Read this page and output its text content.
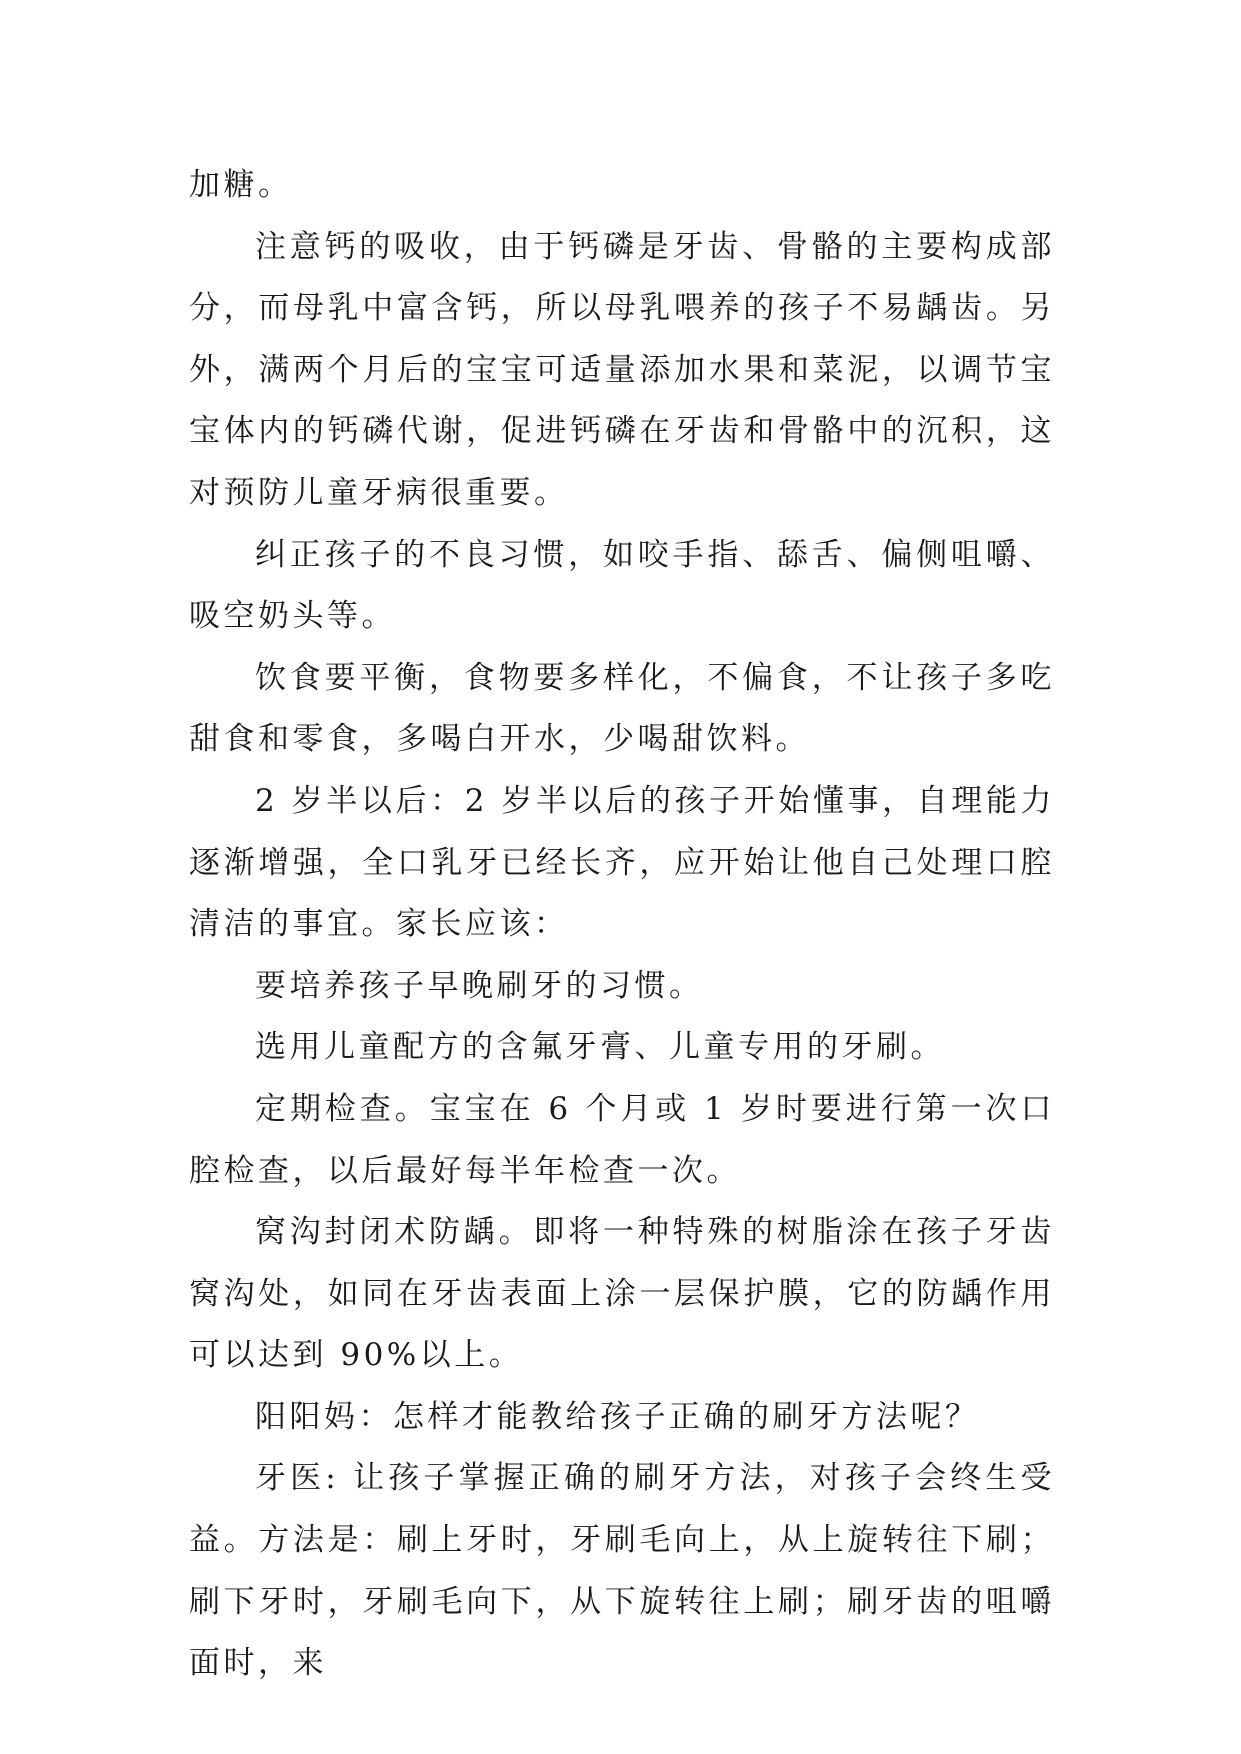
加糖。

注意钙的吸收，由于钙磷是牙齿、骨骼的主要构成部分，而母乳中富含钙，所以母乳喂养的孩子不易龋齿。另外，满两个月后的宝宝可适量添加水果和菜泥，以调节宝宝体内的钙磷代谢，促进钙磷在牙齿和骨骼中的沉积，这对预防儿童牙病很重要。

纠正孩子的不良习惯，如咬手指、舔舌、偏侧咀嚼、吸空奶头等。

饮食要平衡，食物要多样化，不偏食，不让孩子多吃甜食和零食，多喝白开水，少喝甜饮料。

2 岁半以后：2 岁半以后的孩子开始懂事，自理能力逐渐增强，全口乳牙已经长齐，应开始让他自己处理口腔清洁的事宜。家长应该：

要培养孩子早晚刷牙的习惯。

选用儿童配方的含氟牙膏、儿童专用的牙刷。

定期检查。宝宝在 6 个月或 1 岁时要进行第一次口腔检查，以后最好每半年检查一次。

窝沟封闭术防龋。即将一种特殊的树脂涂在孩子牙齿窝沟处，如同在牙齿表面上涂一层保护膜，它的防龋作用可以达到 90%以上。

阳阳妈：怎样才能教给孩子正确的刷牙方法呢？

牙医: 让孩子掌握正确的刷牙方法，对孩子会终生受益。方法是：刷上牙时，牙刷毛向上，从上旋转往下刷；刷下牙时，牙刷毛向下，从下旋转往上刷；刷牙齿的咀嚼面时，来
